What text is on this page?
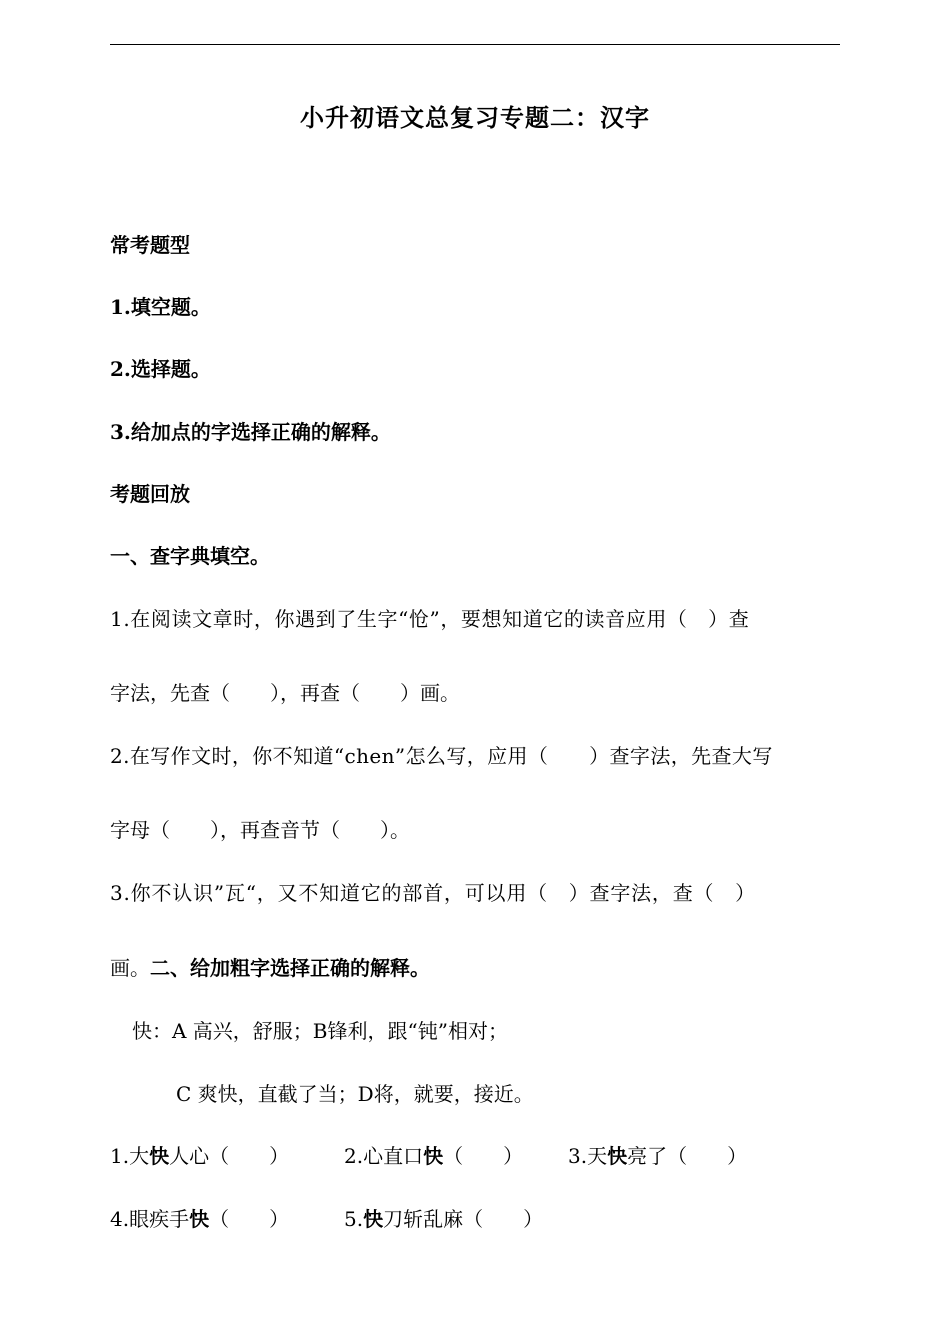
小升初语文总复习专题二：汉字
常考题型
1.填空题。
2.选择题。
3.给加点的字选择正确的解释。
考题回放
一、查字典填空。
1.在阅读文章时，你遇到了生字“怆”，要想知道它的读音应用（　）查
字法，先查（　　），再查（　　）画。
2.在写作文时，你不知道“chen”怎么写，应用（　　）查字法，先查大写
字母（　　），再查音节（　　）。
3.你不认识”瓦“，又不知道它的部首，可以用（　）查字法，查（　）
画。二、给加粗字选择正确的解释。
快：A 高兴，舒服；B锋利，跟“钝”相对；
C 爽快，直截了当；D将，就要，接近。
1.大快人心（　　）	2.心直口快（　　） 3.天快亮了（　　）
4.眼疾手快（　　）	5.快刀斩乱麻（　　）
